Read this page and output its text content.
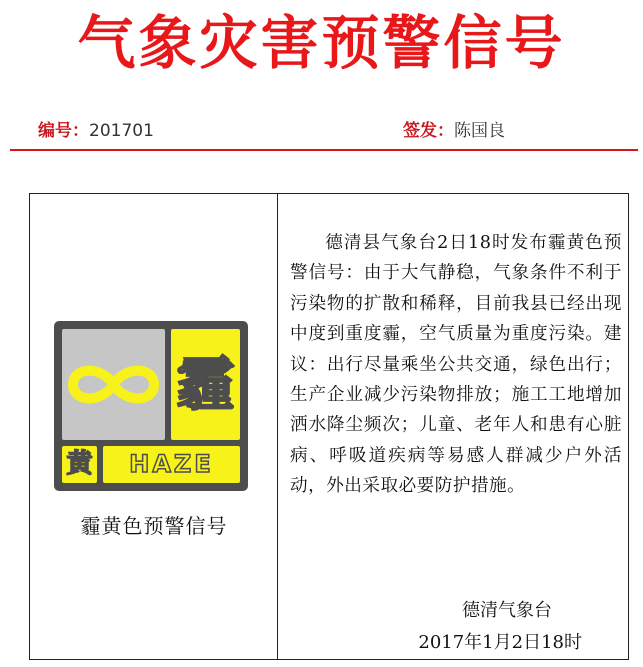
气象灾害预警信号
编号：201701	签发：陈国良
霾
黄	HAZE
霾黄色预警信号
德清县气象台2日18时发布霾黄色预警信号：由于大气静稳，气象条件不利于污染物的扩散和稀释，目前我县已经出现中度到重度霾，空气质量为重度污染。建议：出行尽量乘坐公共交通，绿色出行；生产企业减少污染物排放；施工工地增加洒水降尘频次；儿童、老年人和患有心脏病、呼吸道疾病等易感人群减少户外活动，外出采取必要防护措施。
德清气象台
2017年1月2日18时
